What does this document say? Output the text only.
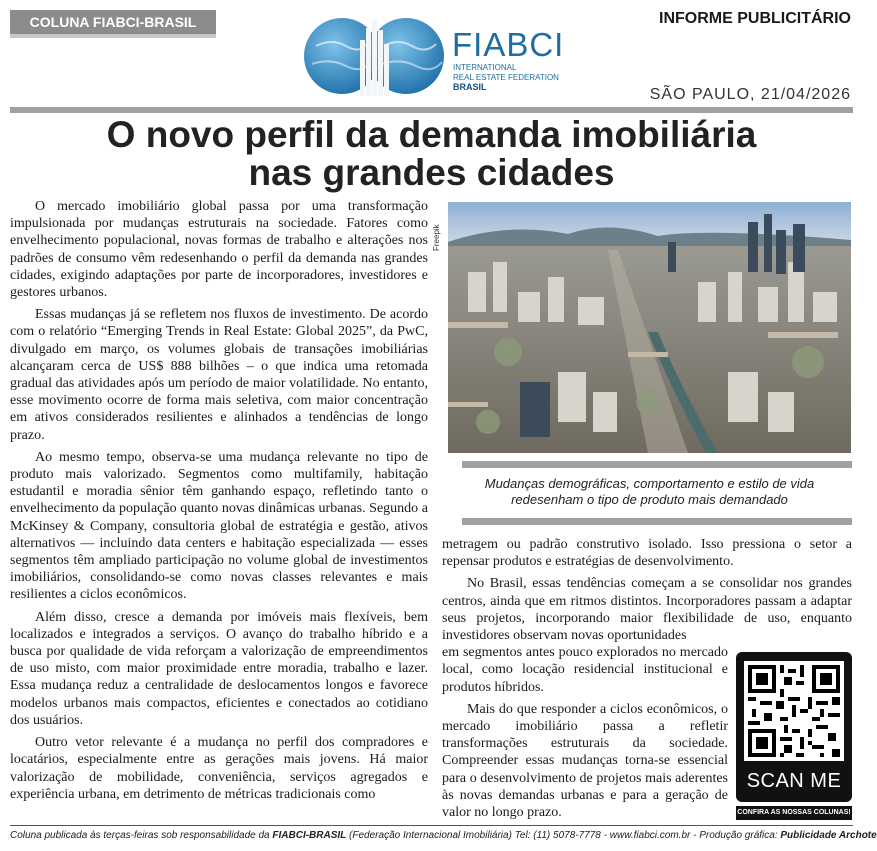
COLUNA FIABCI-BRASIL
FIABCI
INTERNATIONAL
REAL ESTATE FEDERATION
BRASIL
INFORME PUBLICITÁRIO
SÃO PAULO, 21/04/2026
O novo perfil da demanda imobiliária
nas grandes cidades

O mercado imobiliário global passa por uma transformação impulsionada por mudanças estruturais na sociedade. Fatores como envelhecimento populacional, novas formas de trabalho e alterações nos padrões de consumo vêm redesenhando o perfil da demanda nas grandes cidades, exigindo adaptações por parte de incorporadores, investidores e gestores urbanos.

Essas mudanças já se refletem nos fluxos de investimento. De acordo com o relatório “Emerging Trends in Real Estate: Global 2025”, da PwC, divulgado em março, os volumes globais de transações imobiliárias alcançaram cerca de US$ 888 bilhões – o que indica uma retomada gradual das atividades após um período de maior volatilidade. No entanto, esse movimento ocorre de forma mais seletiva, com maior concentração em ativos considerados resilientes e alinhados a tendências de longo prazo.

Ao mesmo tempo, observa-se uma mudança relevante no tipo de produto mais valorizado. Segmentos como multifamily, habitação estudantil e moradia sênior têm ganhando espaço, refletindo tanto o envelhecimento da população quanto novas dinâmicas urbanas. Segundo a McKinsey & Company, consultoria global de estratégia e gestão, ativos alternativos — incluindo data centers e habitação especializada — esses segmentos têm ampliado participação no volume global de investimentos imobiliários, consolidando-se como novas classes relevantes e mais resilientes a ciclos econômicos.

Além disso, cresce a demanda por imóveis mais flexíveis, bem localizados e integrados a serviços. O avanço do trabalho híbrido e a busca por qualidade de vida reforçam a valorização de empreendimentos de uso misto, com maior proximidade entre moradia, trabalho e lazer. Essa mudança reduz a centralidade de deslocamentos longos e favorece modelos urbanos mais compactos, eficientes e conectados ao cotidiano dos usuários.

Outro vetor relevante é a mudança no perfil dos compradores e locatários, especialmente entre as gerações mais jovens. Há maior valorização de mobilidade, conveniência, serviços agregados e experiência urbana, em detrimento de métricas tradicionais como

Freepik
Mudanças demográficas, comportamento e estilo de vida
redesenham o tipo de produto mais demandado

metragem ou padrão construtivo isolado. Isso pressiona o setor a repensar produtos e estratégias de desenvolvimento.

No Brasil, essas tendências começam a se consolidar nos grandes centros, ainda que em ritmos distintos. Incorporadores passam a adaptar seus projetos, incorporando maior flexibilidade de uso, enquanto investidores observam novas oportunidades

em segmentos antes pouco explorados no mercado local, como locação residencial institucional e produtos híbridos.

Mais do que responder a ciclos econômicos, o mercado imobiliário passa a refletir transformações estruturais da sociedade. Compreender essas mudanças torna-se essencial para o desenvolvimento de projetos mais aderentes às novas demandas urbanas e para a geração de valor no longo prazo.

SCAN ME
CONFIRA AS NOSSAS COLUNAS!
Coluna publicada às terças-feiras sob responsabilidade da FIABCI-BRASIL (Federação Internacional Imobiliária) Tel: (11) 5078-7778 - www.fiabci.com.br - Produção gráfica: Publicidade Archote
